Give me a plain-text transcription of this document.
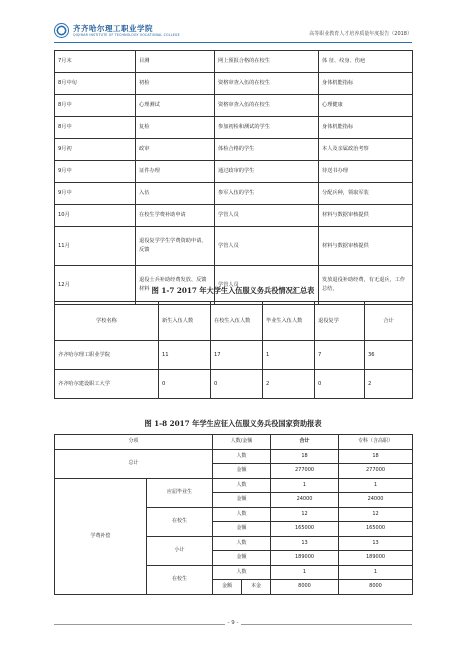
齐齐哈尔理工职业学院
QIQIHAR INSTITUTE OF TECHNOLOGY VOCATIONAL COLLEGE	高等职业教育人才培养质量年度报告（2018）
7月末	目测	网上预报合格的在校生	体 征、纹身、伤疤
8月中旬	初检	资格审查入伍的在校生	身体机能指标
8月中	心理测试	资格审查入伍的在校生	心理健康
8月中	复检	参加初检和测试的学生	身体机能指标
9月初	政审	体检合格的学生	本人及亲属政治考察
9月中	证件办理	通过政审的学生	待送书办理
9月中	入伍	参军入伍的学生	分配兵种，领取军装
10月	在校生学费补助申请	学管人员	材料与数据审核提供
11月	退役复学学生学费资助申请、反馈	学管人员	材料与数据审核提供
12月	退役士兵补助经费发放、反馈材料	学管人员	发放退役补助经费，有无退兵，工作总结，
图 1-7 2017 年大学生入伍服义务兵役情况汇总表
学校名称	新生入伍人数	在校生入伍人数	毕业生入伍人数	退役复学	合计
齐齐哈尔理工职业学院	11	17	1	7	36
齐齐哈尔建设职工大学	0	0	2	0	2
图 1-8 2017 年学生应征入伍服义务兵役国家资助报表
分项		人数/金额	合计	专科（含高职）
总计		人数	18	18
		金额	277000	277000
学费补偿	应届毕业生	人数	1	1
		金额	24000	24000
	在校生	人数	12	12
		金额	165000	165000
	小计	人数	13	13
		金额	189000	189000
	在校生	人数	1	1

		金额 本金	8000	8000
- 9 -
